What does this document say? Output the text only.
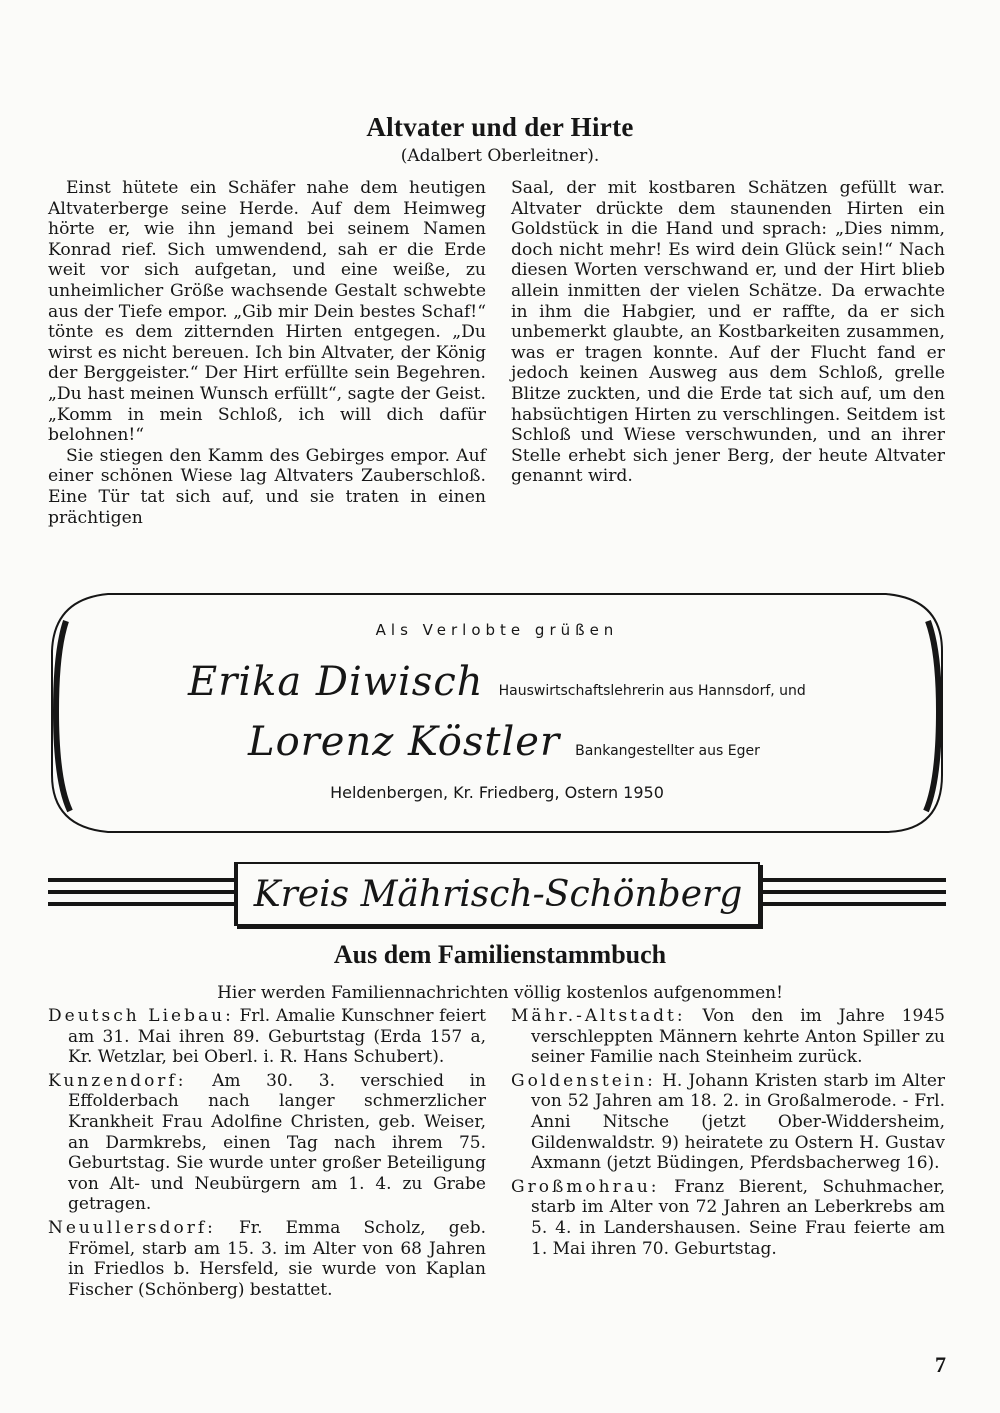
Altvater und der Hirte
(Adalbert Oberleitner).

Einst hütete ein Schäfer nahe dem heutigen Altvaterberge seine Herde. Auf dem Heimweg hörte er, wie ihn jemand bei seinem Namen Konrad rief. Sich umwendend, sah er die Erde weit vor sich aufgetan, und eine weiße, zu unheimlicher Größe wachsende Gestalt schwebte aus der Tiefe empor. „Gib mir Dein bestes Schaf!“ tönte es dem zitternden Hirten entgegen. „Du wirst es nicht bereuen. Ich bin Altvater, der König der Berggeister.“ Der Hirt erfüllte sein Begehren. „Du hast meinen Wunsch erfüllt“, sagte der Geist. „Komm in mein Schloß, ich will dich dafür belohnen!“

Sie stiegen den Kamm des Gebirges empor. Auf einer schönen Wiese lag Altvaters Zauberschloß. Eine Tür tat sich auf, und sie traten in einen prächtigen

Saal, der mit kostbaren Schätzen gefüllt war. Altvater drückte dem staunenden Hirten ein Goldstück in die Hand und sprach: „Dies nimm, doch nicht mehr! Es wird dein Glück sein!“ Nach diesen Worten verschwand er, und der Hirt blieb allein inmitten der vielen Schätze. Da erwachte in ihm die Habgier, und er raffte, da er sich unbemerkt glaubte, an Kostbarkeiten zusammen, was er tragen konnte. Auf der Flucht fand er jedoch keinen Ausweg aus dem Schloß, grelle Blitze zuckten, und die Erde tat sich auf, um den habsüchtigen Hirten zu verschlingen. Seitdem ist Schloß und Wiese verschwunden, und an ihrer Stelle erhebt sich jener Berg, der heute Altvater genannt wird.

Als Verlobte grüßen
Erika Diwisch Hauswirtschaftslehrerin aus Hannsdorf, und
Lorenz Köstler Bankangestellter aus Eger
Heldenbergen, Kr. Friedberg, Ostern 1950
Kreis Mährisch-Schönberg
Aus dem Familienstammbuch
Hier werden Familiennachrichten völlig kostenlos aufgenommen!

Deutsch Liebau: Frl. Amalie Kunschner feiert am 31. Mai ihren 89. Geburtstag (Erda 157 a, Kr. Wetzlar, bei Oberl. i. R. Hans Schubert).

Kunzendorf: Am 30. 3. verschied in Effolderbach nach langer schmerzlicher Krankheit Frau Adolfine Christen, geb. Weiser, an Darmkrebs, einen Tag nach ihrem 75. Geburtstag. Sie wurde unter großer Beteiligung von Alt- und Neubürgern am 1. 4. zu Grabe getragen.

Neuullersdorf: Fr. Emma Scholz, geb. Frömel, starb am 15. 3. im Alter von 68 Jahren in Friedlos b. Hersfeld, sie wurde von Kaplan Fischer (Schönberg) bestattet.

Mähr.-Altstadt: Von den im Jahre 1945 verschleppten Männern kehrte Anton Spiller zu seiner Familie nach Steinheim zurück.

Goldenstein: H. Johann Kristen starb im Alter von 52 Jahren am 18. 2. in Großalmerode. - Frl. Anni Nitsche (jetzt Ober-Widdersheim, Gildenwaldstr. 9) heiratete zu Ostern H. Gustav Axmann (jetzt Büdingen, Pferdsbacherweg 16).

Großmohrau: Franz Bierent, Schuhmacher, starb im Alter von 72 Jahren an Leberkrebs am 5. 4. in Landershausen. Seine Frau feierte am 1. Mai ihren 70. Geburtstag.

7
